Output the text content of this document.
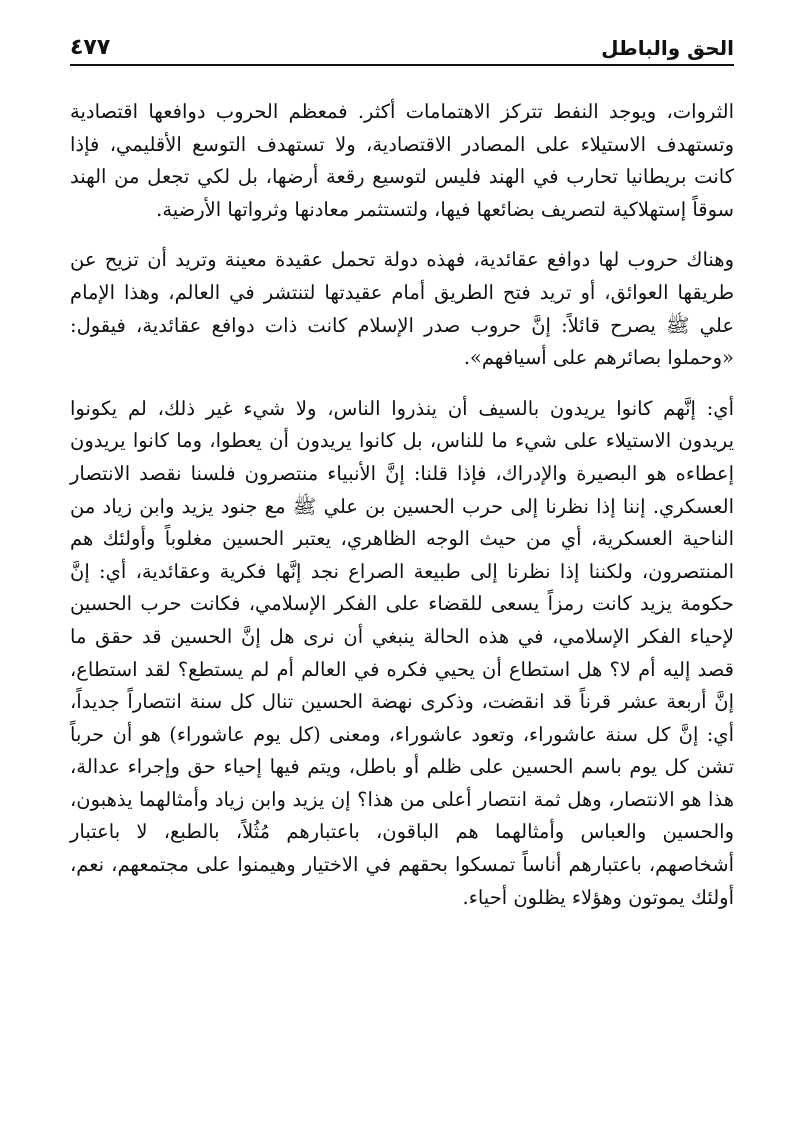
الحق والباطل
٤٧٧

الثروات، ويوجد النفط تتركز الاهتمامات أكثر. فمعظم الحروب دوافعها اقتصادية وتستهدف الاستيلاء على المصادر الاقتصادية، ولا تستهدف التوسع الأقليمي، فإذا كانت بريطانيا تحارب في الهند فليس لتوسيع رقعة أرضها، بل لكي تجعل من الهند سوقاً إستهلاكية لتصريف بضائعها فيها، ولتستثمر معادنها وثرواتها الأرضية.

وهناك حروب لها دوافع عقائدية، فهذه دولة تحمل عقيدة معينة وتريد أن تزيح عن طريقها العوائق، أو تريد فتح الطريق أمام عقيدتها لتنتشر في العالم، وهذا الإمام علي ﷺ يصرح قائلاً: إنَّ حروب صدر الإسلام كانت ذات دوافع عقائدية، فيقول: «وحملوا بصائرهم على أسيافهم».

أي: إنَّهم كانوا يريدون بالسيف أن ينذروا الناس، ولا شيء غير ذلك، لم يكونوا يريدون الاستيلاء على شيء ما للناس، بل كانوا يريدون أن يعطوا، وما كانوا يريدون إعطاءه هو البصيرة والإدراك، فإذا قلنا: إنَّ الأنبياء منتصرون فلسنا نقصد الانتصار العسكري. إننا إذا نظرنا إلى حرب الحسين بن علي ﷺ مع جنود يزيد وابن زياد من الناحية العسكرية، أي من حيث الوجه الظاهري، يعتبر الحسين مغلوباً وأولئك هم المنتصرون، ولكننا إذا نظرنا إلى طبيعة الصراع نجد إنَّها فكرية وعقائدية، أي: إنَّ حكومة يزيد كانت رمزاً يسعى للقضاء على الفكر الإسلامي، فكانت حرب الحسين لإحياء الفكر الإسلامي، في هذه الحالة ينبغي أن نرى هل إنَّ الحسين قد حقق ما قصد إليه أم لا؟ هل استطاع أن يحيي فكره في العالم أم لم يستطع؟ لقد استطاع، إنَّ أربعة عشر قرناً قد انقضت، وذكرى نهضة الحسين تنال كل سنة انتصاراً جديداً، أي: إنَّ كل سنة عاشوراء، وتعود عاشوراء، ومعنى (كل يوم عاشوراء) هو أن حرباً تشن كل يوم باسم الحسين على ظلم أو باطل، ويتم فيها إحياء حق وإجراء عدالة، هذا هو الانتصار، وهل ثمة انتصار أعلى من هذا؟ إن يزيد وابن زياد وأمثالهما يذهبون، والحسين والعباس وأمثالهما هم الباقون، باعتبارهم مُثُلاً، بالطبع، لا باعتبار أشخاصهم، باعتبارهم أناساً تمسكوا بحقهم في الاختيار وهيمنوا على مجتمعهم، نعم، أولئك يموتون وهؤلاء يظلون أحياء.
